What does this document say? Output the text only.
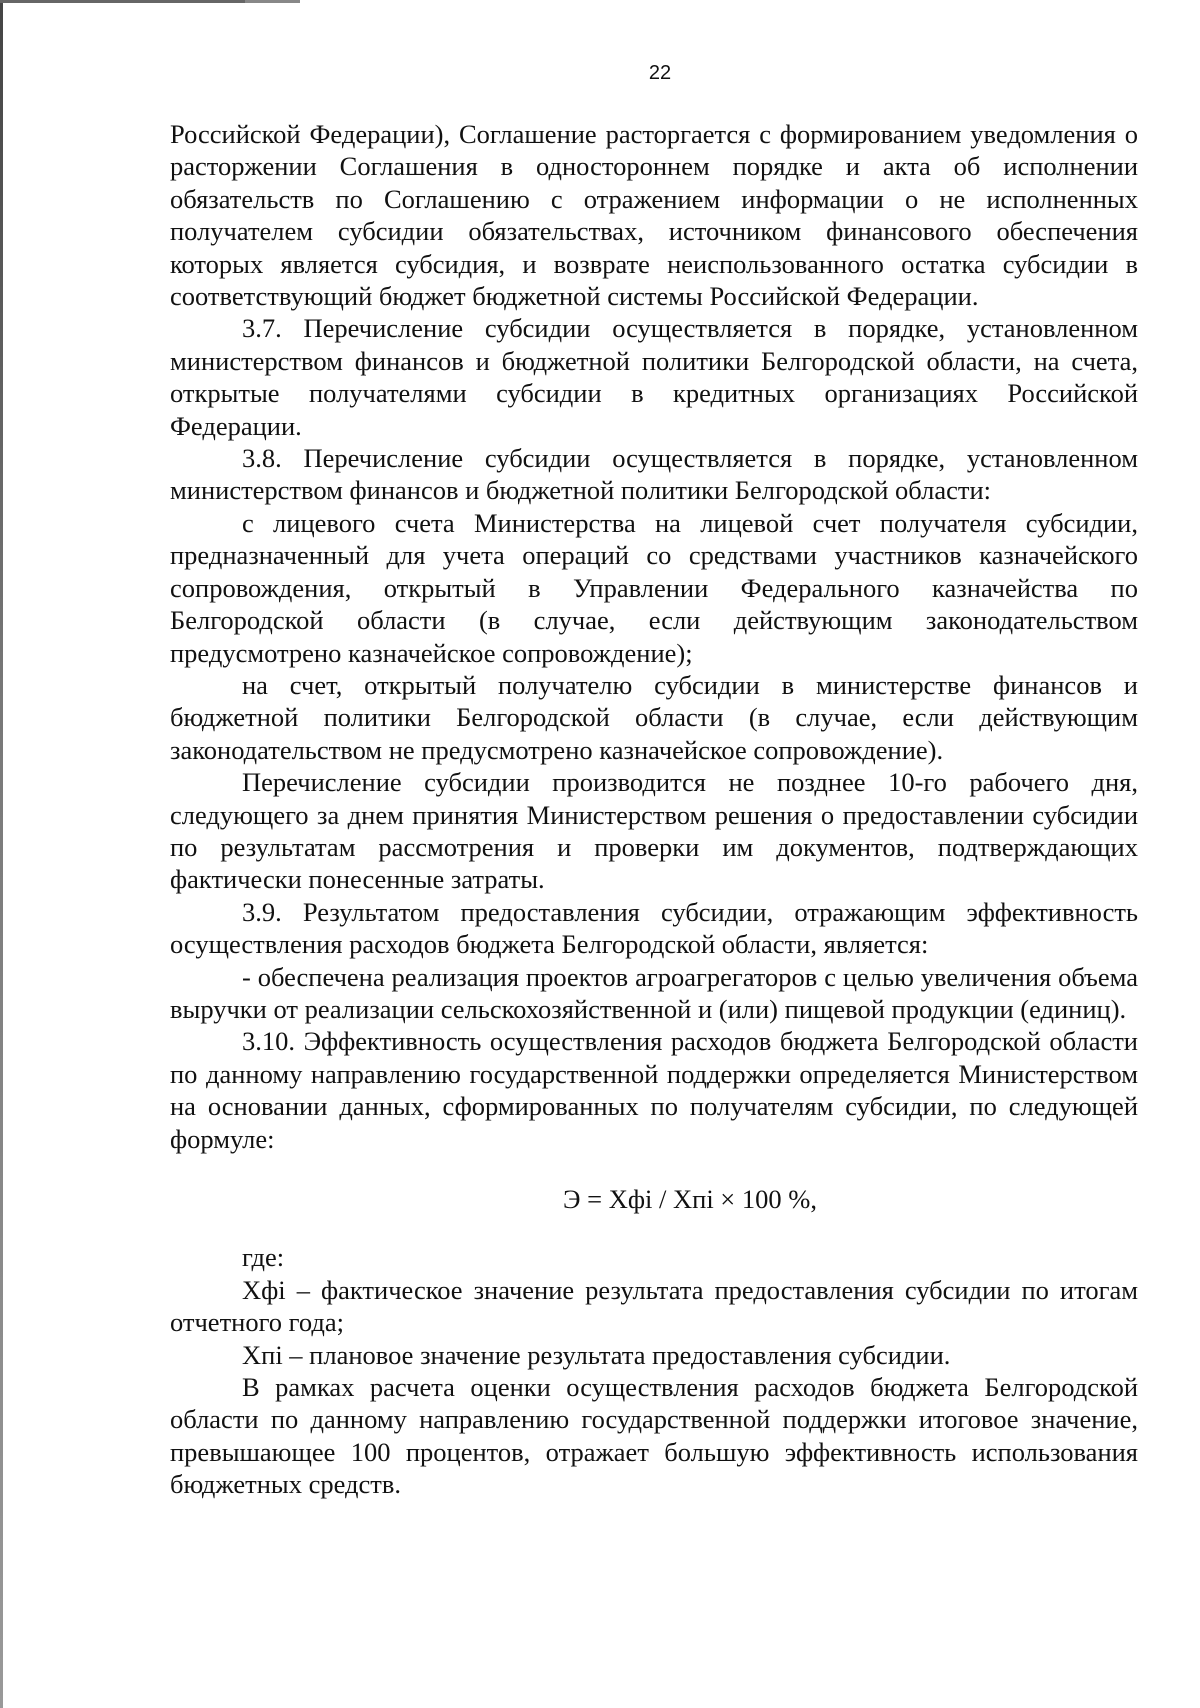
22

Российской Федерации), Соглашение расторгается с формированием уведомления о расторжении Соглашения в одностороннем порядке и акта об исполнении обязательств по Соглашению с отражением информации о не исполненных получателем субсидии обязательствах, источником финансового обеспечения которых является субсидия, и возврате неиспользованного остатка субсидии в соответствующий бюджет бюджетной системы Российской Федерации.

3.7. Перечисление субсидии осуществляется в порядке, установленном министерством финансов и бюджетной политики Белгородской области, на счета, открытые получателями субсидии в кредитных организациях Российской Федерации.

3.8. Перечисление субсидии осуществляется в порядке, установленном министерством финансов и бюджетной политики Белгородской области:

с лицевого счета Министерства на лицевой счет получателя субсидии, предназначенный для учета операций со средствами участников казначейского сопровождения, открытый в Управлении Федерального казначейства по Белгородской области (в случае, если действующим законодательством предусмотрено казначейское сопровождение);

на счет, открытый получателю субсидии в министерстве финансов и бюджетной политики Белгородской области (в случае, если действующим законодательством не предусмотрено казначейское сопровождение).

Перечисление субсидии производится не позднее 10-го рабочего дня, следующего за днем принятия Министерством решения о предоставлении субсидии по результатам рассмотрения и проверки им документов, подтверждающих фактически понесенные затраты.

3.9. Результатом предоставления субсидии, отражающим эффективность осуществления расходов бюджета Белгородской области, является:

- обеспечена реализация проектов агроагрегаторов с целью увеличения объема выручки от реализации сельскохозяйственной и (или) пищевой продукции (единиц).

3.10. Эффективность осуществления расходов бюджета Белгородской области по данному направлению государственной поддержки определяется Министерством на основании данных, сформированных по получателям субсидии, по следующей формуле:

Э = Хфi / Хпi × 100 %,

где:

Хфi – фактическое значение результата предоставления субсидии по итогам отчетного года;

Хпi – плановое значение результата предоставления субсидии.

В рамках расчета оценки осуществления расходов бюджета Белгородской области по данному направлению государственной поддержки итоговое значение, превышающее 100 процентов, отражает большую эффективность использования бюджетных средств.
